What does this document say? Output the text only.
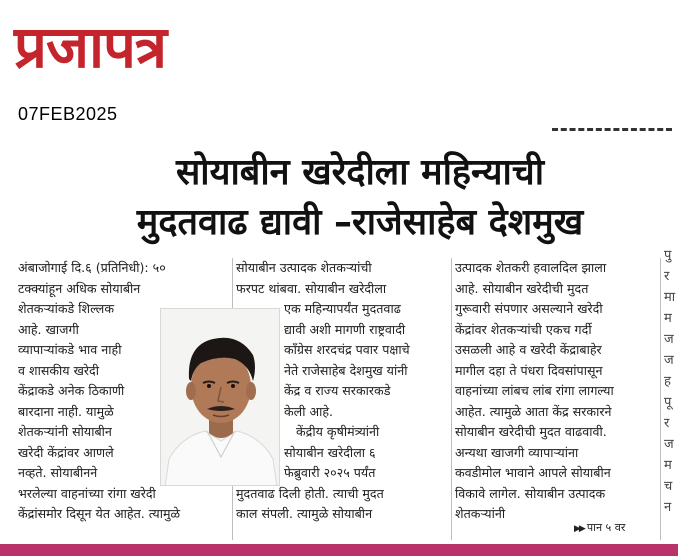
प्रजापत्र
07FEB2025
सोयाबीन खरेदीला महिन्याची
मुदतवाढ द्यावी –राजेसाहेब देशमुख
अंबाजोगाई दि.६ (प्रतिनिधी): ५०
टक्क्यांहून अधिक सोयाबीन
शेतकऱ्यांकडे शिल्लक
आहे. खाजगी
व्यापाऱ्यांकडे भाव नाही
व शासकीय खरेदी
केंद्राकडे अनेक ठिकाणी
बारदाना नाही. यामुळे
शेतकऱ्यांनी सोयाबीन
खरेदी केंद्रांवर आणले
नव्हते. सोयाबीनने
भरलेल्या वाहनांच्या रांगा खरेदी
केंद्रांसमोर दिसून येत आहेत. त्यामुळे
सोयाबीन उत्पादक शेतकऱ्यांची
फरपट थांबवा. सोयाबीन खरेदीला
एक महिन्यापर्यंत मुदतवाढ
द्यावी अशी मागणी राष्ट्रवादी
काँग्रेस शरदचंद्र पवार पक्षाचे
नेते राजेसाहेब देशमुख यांनी
केंद्र व राज्य सरकारकडे
केली आहे.
केंद्रीय कृषीमंत्र्यांनी
सोयाबीन खरेदीला ६
फेब्रुवारी २०२५ पर्यंत
मुदतवाढ दिली होती. त्याची मुदत
काल संपली. त्यामुळे सोयाबीन
उत्पादक शेतकरी हवालदिल झाला
आहे. सोयाबीन खरेदीची मुदत
गुरूवारी संपणार असल्याने खरेदी
केंद्रांवर शेतकऱ्यांची एकच गर्दी
उसळली आहे व खरेदी केंद्राबाहेर
मागील दहा ते पंधरा दिवसांपासून
वाहनांच्या लांबच लांब रांगा लागल्या
आहेत. त्यामुळे आता केंद्र सरकारने
सोयाबीन खरेदीची मुदत वाढवावी.
अन्यथा खाजगी व्यापाऱ्यांना
कवडीमोल भावाने आपले सोयाबीन
विकावे लागेल. सोयाबीन उत्पादक
शेतकऱ्यांनी
पु
र
मा
म
ज
ज
ह
पू
र
ज
म
च
न
▶▶ पान ५ वर
